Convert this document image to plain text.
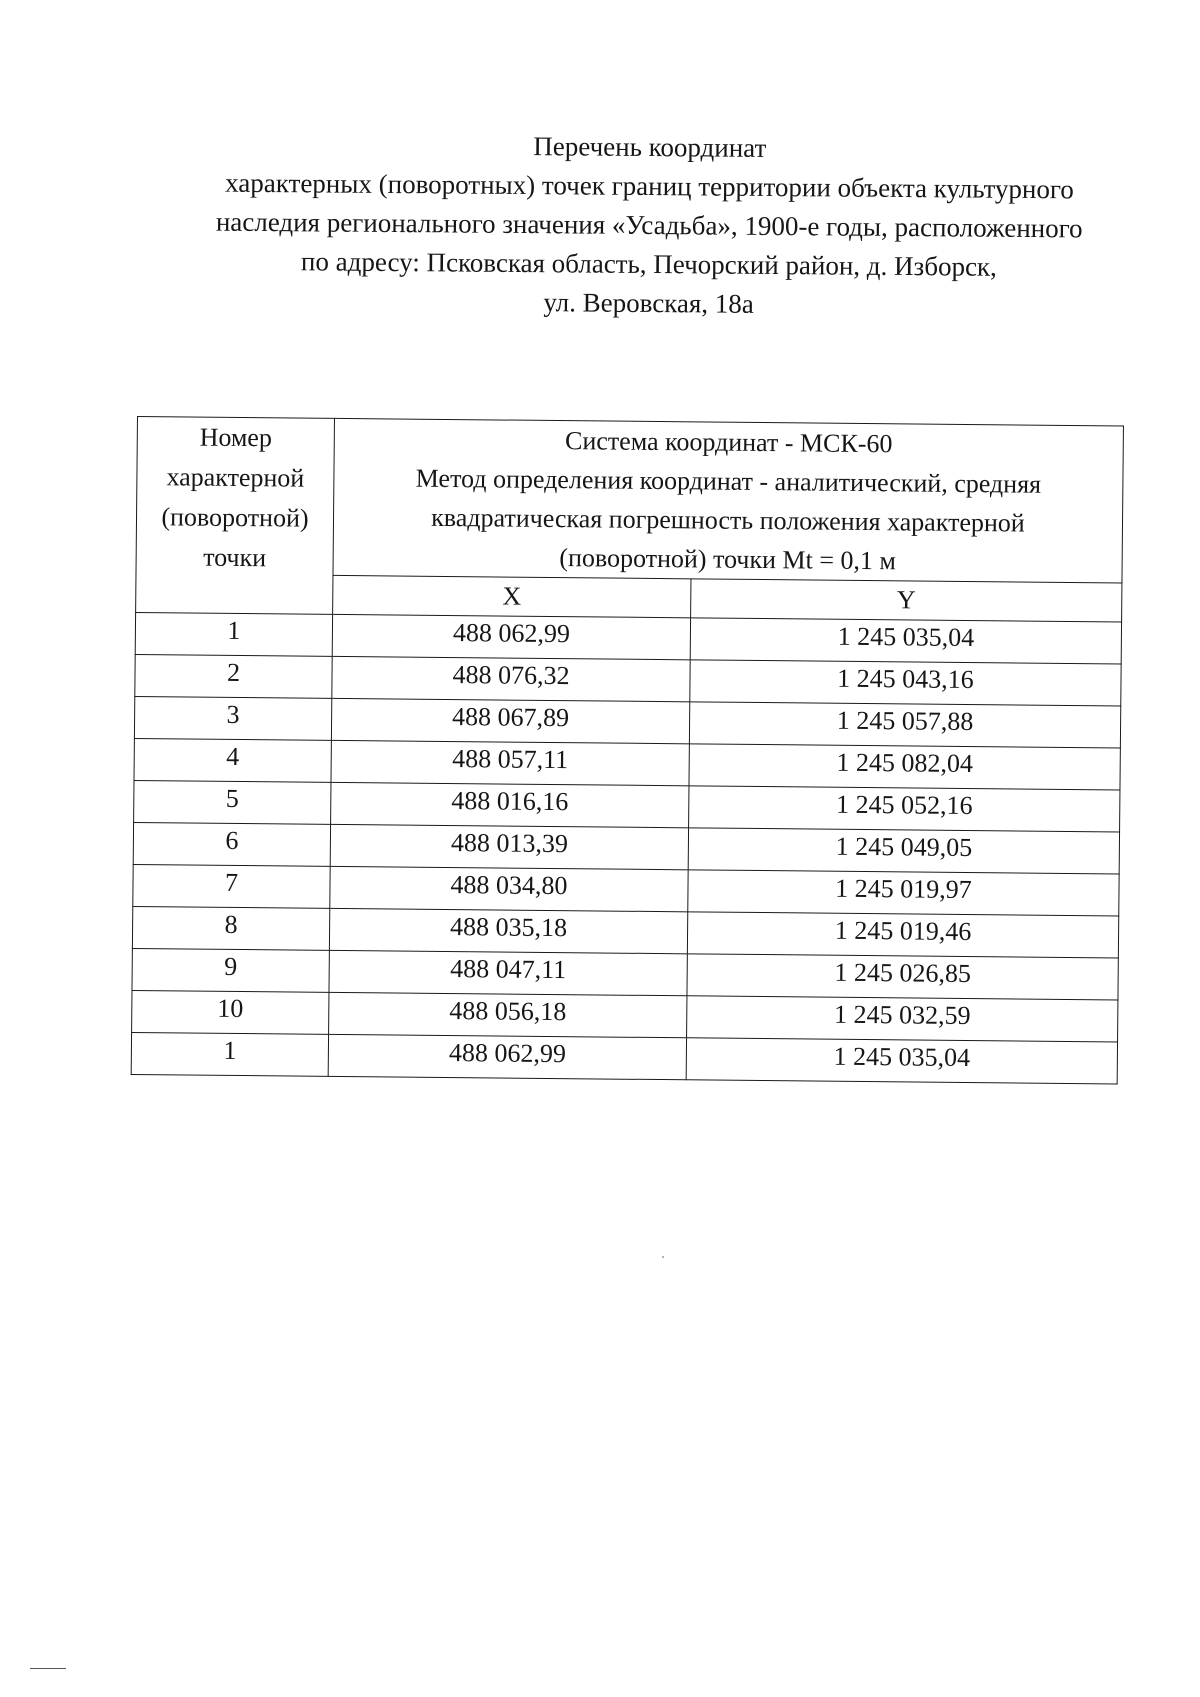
Перечень координат
характерных (поворотных) точек границ территории объекта культурного
наследия регионального значения «Усадьба», 1900-е годы, расположенного
по адресу: Псковская область, Печорский район, д. Изборск,
ул. Веровская, 18а
Номер
характерной
(поворотной)
точки	Система координат - МСК-60
Метод определения координат - аналитический, средняя
квадратическая погрешность положения характерной
(поворотной) точки Mt = 0,1 м	

	X	Y
1	488 062,99	1 245 035,04
2	488 076,32	1 245 043,16
3	488 067,89	1 245 057,88
4	488 057,11	1 245 082,04
5	488 016,16	1 245 052,16
6	488 013,39	1 245 049,05
7	488 034,80	1 245 019,97
8	488 035,18	1 245 019,46
9	488 047,11	1 245 026,85
10	488 056,18	1 245 032,59
1	488 062,99	1 245 035,04
